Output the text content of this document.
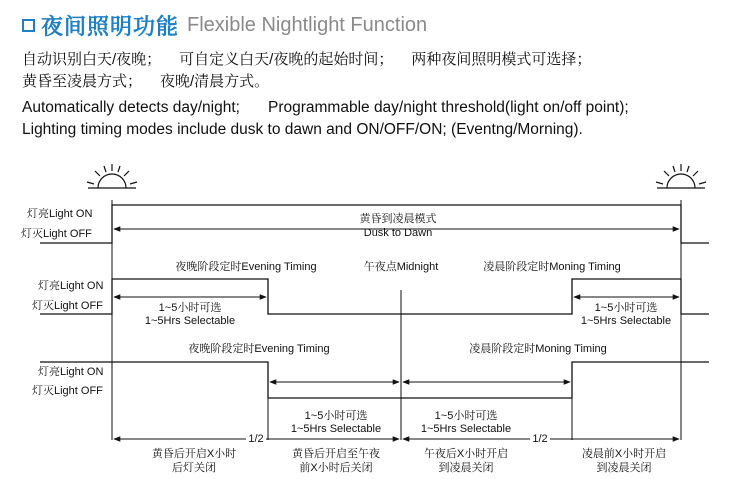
夜间照明功能 Flexible Nightlight Function
自动识别白天/夜晚； 可自定义白天/夜晚的起始时间； 两种夜间照明模式可选择；
黄昏至凌晨方式； 夜晚/清晨方式。
Automatically detects day/night; Programmable day/night threshold(light on/off point);
Lighting timing modes include dusk to dawn and ON/OFF/ON; (Eventng/Morning).
灯亮Light ON
灯灭Light OFF
黄昏到凌晨模式
Dusk to Dawn
夜晚阶段定时Evening Timing	午夜点Midnight	凌晨阶段定时Moning Timing
灯亮Light ON
灯灭Light OFF	1~5小时可选
1~5Hrs Selectable
1~5小时可选
1~5Hrs Selectable
夜晚阶段定时Evening Timing	凌晨阶段定时Moning Timing
灯亮Light ON
灯灭Light OFF
1~5小时可选
1~5Hrs Selectable
1~5小时可选
1~5Hrs Selectable
1/2	1/2
黄昏后开启X小时
后灯关闭
黄昏后开启至午夜
前X小时后关闭
午夜后X小时开启
到凌晨关闭
凌晨前X小时开启
到凌晨关闭
